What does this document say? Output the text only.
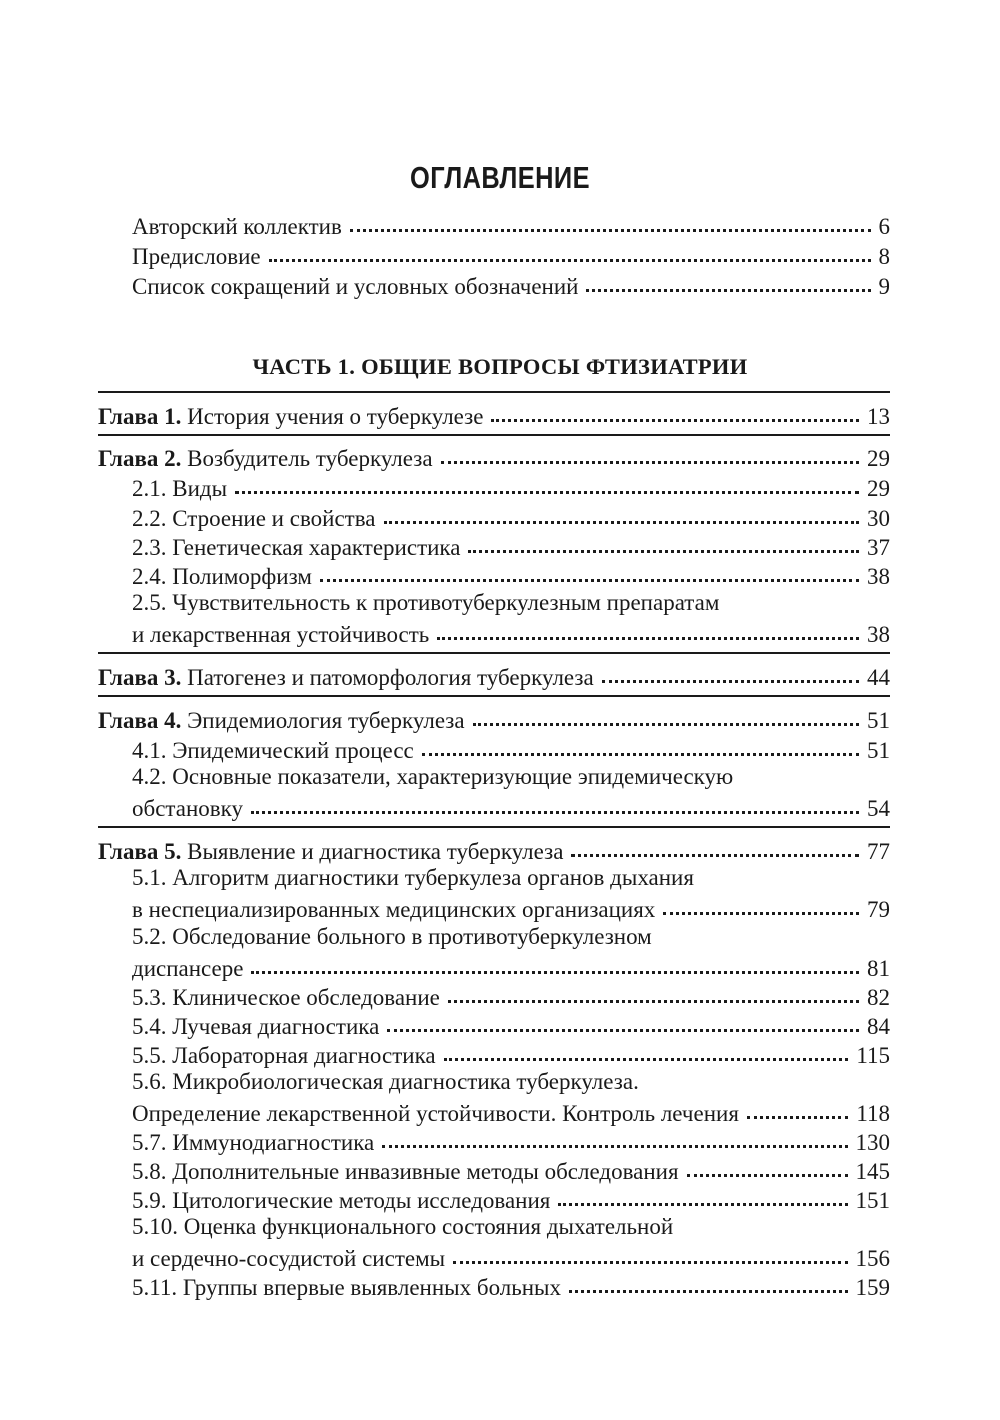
ОГЛАВЛЕНИЕ
Авторский коллектив	6
Предисловие	8
Список сокращений и условных обозначений	9
ЧАСТЬ 1. ОБЩИЕ ВОПРОСЫ ФТИЗИАТРИИ
Глава 1. История учения о туберкулезе	13
Глава 2. Возбудитель туберкулеза	29
2.1. Виды	29
2.2. Строение и свойства	30
2.3. Генетическая характеристика	37
2.4. Полиморфизм	38
2.5. Чувствительность к противотуберкулезным препаратам
и лекарственная устойчивость	38
Глава 3. Патогенез и патоморфология туберкулеза	44
Глава 4. Эпидемиология туберкулеза	51
4.1. Эпидемический процесс	51
4.2. Основные показатели, характеризующие эпидемическую
обстановку	54
Глава 5. Выявление и диагностика туберкулеза	77
5.1. Алгоритм диагностики туберкулеза органов дыхания
в неспециализированных медицинских организациях	79
5.2. Обследование больного в противотуберкулезном
диспансере	81
5.3. Клиническое обследование	82
5.4. Лучевая диагностика	84
5.5. Лабораторная диагностика	115
5.6. Микробиологическая диагностика туберкулеза.
Определение лекарственной устойчивости. Контроль лечения	118
5.7. Иммунодиагностика	130
5.8. Дополнительные инвазивные методы обследования	145
5.9. Цитологические методы исследования	151
5.10. Оценка функционального состояния дыхательной
и сердечно-сосудистой системы	156
5.11. Группы впервые выявленных больных	159
